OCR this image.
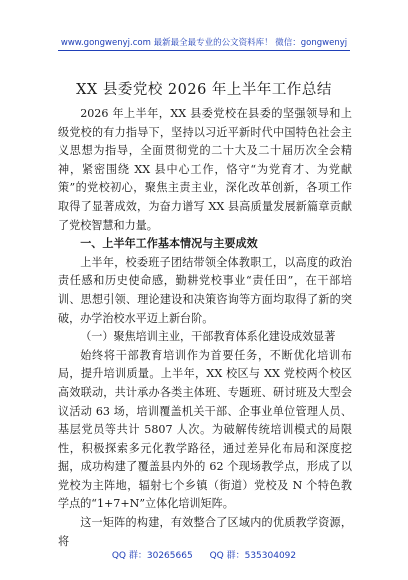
www.gongwenyj.com 最新最全最专业的公文资料库！ 微信：gongwenyj
XX 县委党校 2026 年上半年工作总结

2026 年上半年，XX 县委党校在县委的坚强领导和上级党校的有力指导下，坚持以习近平新时代中国特色社会主义思想为指导，全面贯彻党的二十大及二十届历次全会精神，紧密围绕 XX 县中心工作，恪守“为党育才、为党献策”的党校初心，聚焦主责主业，深化改革创新，各项工作取得了显著成效，为奋力谱写 XX 县高质量发展新篇章贡献了党校智慧和力量。

一、上半年工作基本情况与主要成效

上半年，校委班子团结带领全体教职工，以高度的政治责任感和历史使命感，勤耕党校事业“责任田”，在干部培训、思想引领、理论建设和决策咨询等方面均取得了新的突破，办学治校水平迈上新台阶。

（一）聚焦培训主业，干部教育体系化建设成效显著

始终将干部教育培训作为首要任务，不断优化培训布局，提升培训质量。上半年，XX 校区与 XX 党校两个校区高效联动，共计承办各类主体班、专题班、研讨班及大型会议活动 63 场，培训覆盖机关干部、企事业单位管理人员、基层党员等共计 5807 人次。为破解传统培训模式的局限性，积极探索多元化教学路径，通过差异化布局和深度挖掘，成功构建了覆盖县内外的 62 个现场教学点，形成了以党校为主阵地，辐射七个乡镇（街道）党校及 N 个特色教学点的“1+7+N”立体化培训矩阵。

这一矩阵的构建，有效整合了区域内的优质教学资源，将

QQ 群：30265665 QQ 群：535304092
